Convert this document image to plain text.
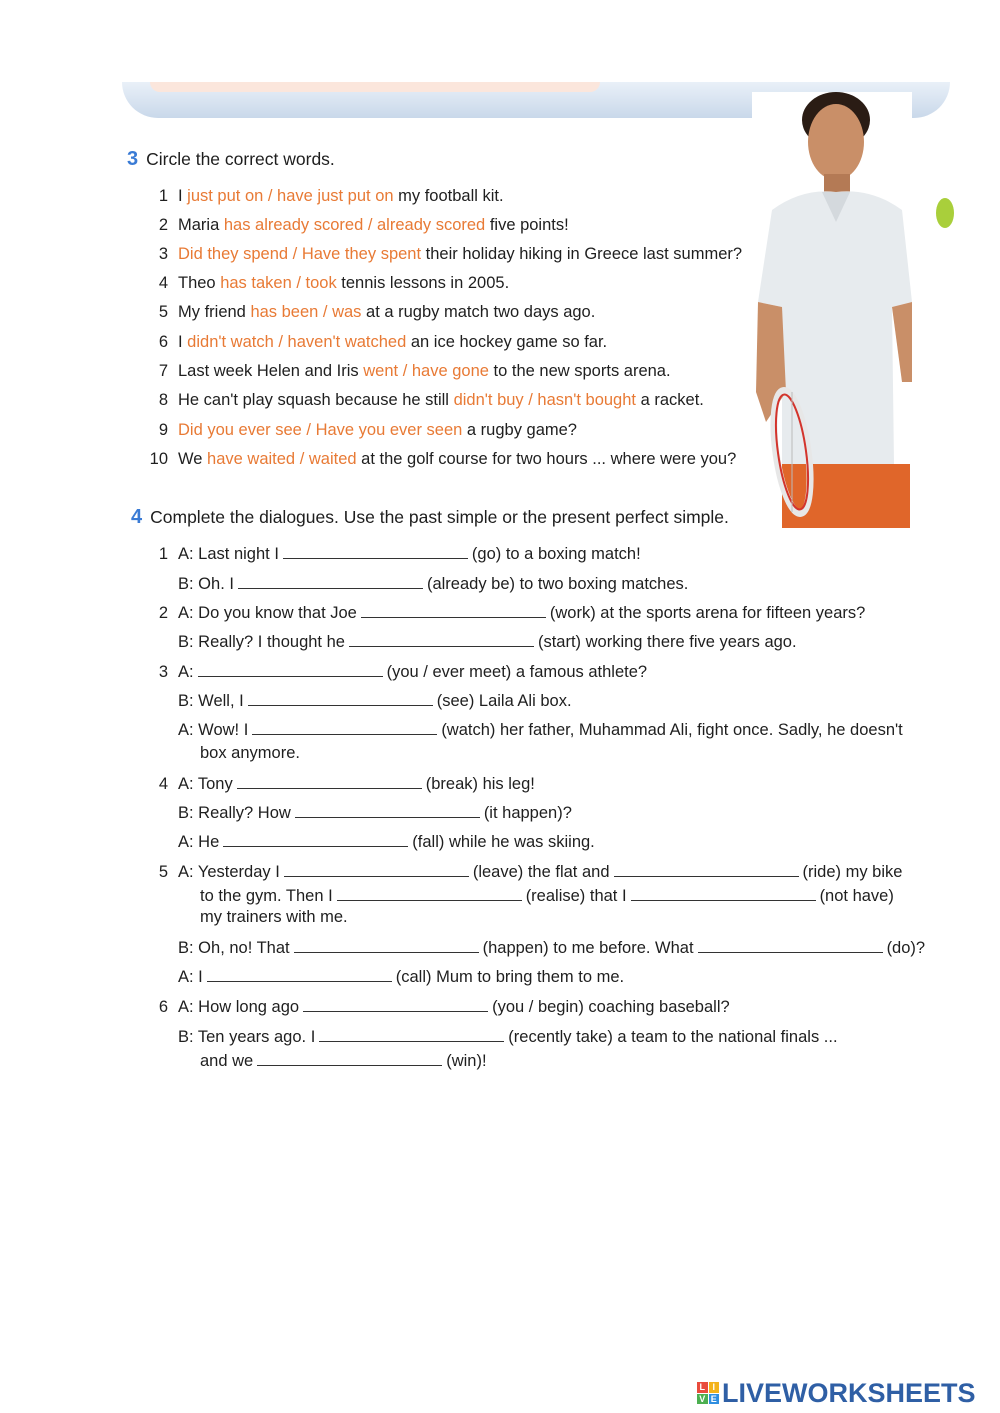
3 Circle the correct words.
1 I just put on / have just put on my football kit.
2 Maria has already scored / already scored five points!
3 Did they spend / Have they spent their holiday hiking in Greece last summer?
4 Theo has taken / took tennis lessons in 2005.
5 My friend has been / was at a rugby match two days ago.
6 I didn't watch / haven't watched an ice hockey game so far.
7 Last week Helen and Iris went / have gone to the new sports arena.
8 He can't play squash because he still didn't buy / hasn't bought a racket.
9 Did you ever see / Have you ever seen a rugby game?
10 We have waited / waited at the golf course for two hours ... where were you?
4 Complete the dialogues. Use the past simple or the present perfect simple.
1 A: Last night I	(go) to a boxing match!
B: Oh. I	(already be) to two boxing matches.
2 A: Do you know that Joe	(work) at the sports arena for fifteen years?
B: Really? I thought he	(start) working there five years ago.
3 A:	(you / ever meet) a famous athlete?
B: Well, I	(see) Laila Ali box.
A: Wow! I	(watch) her father, Muhammad Ali, fight once. Sadly, he doesn't
box anymore.
4 A: Tony	(break) his leg!
B: Really? How	(it happen)?
A: He	(fall) while he was skiing.
5 A: Yesterday I	(leave) the flat and	(ride) my bike
to the gym. Then I	(realise) that I	(not have)
my trainers with me.
B: Oh, no! That	(happen) to me before. What	(do)?
A: I	(call) Mum to bring them to me.
6 A: How long ago	(you / begin) coaching baseball?
B: Ten years ago. I	(recently take) a team to the national finals ...
and we	(win)!
L I
V E LIVEWORKSHEETS
